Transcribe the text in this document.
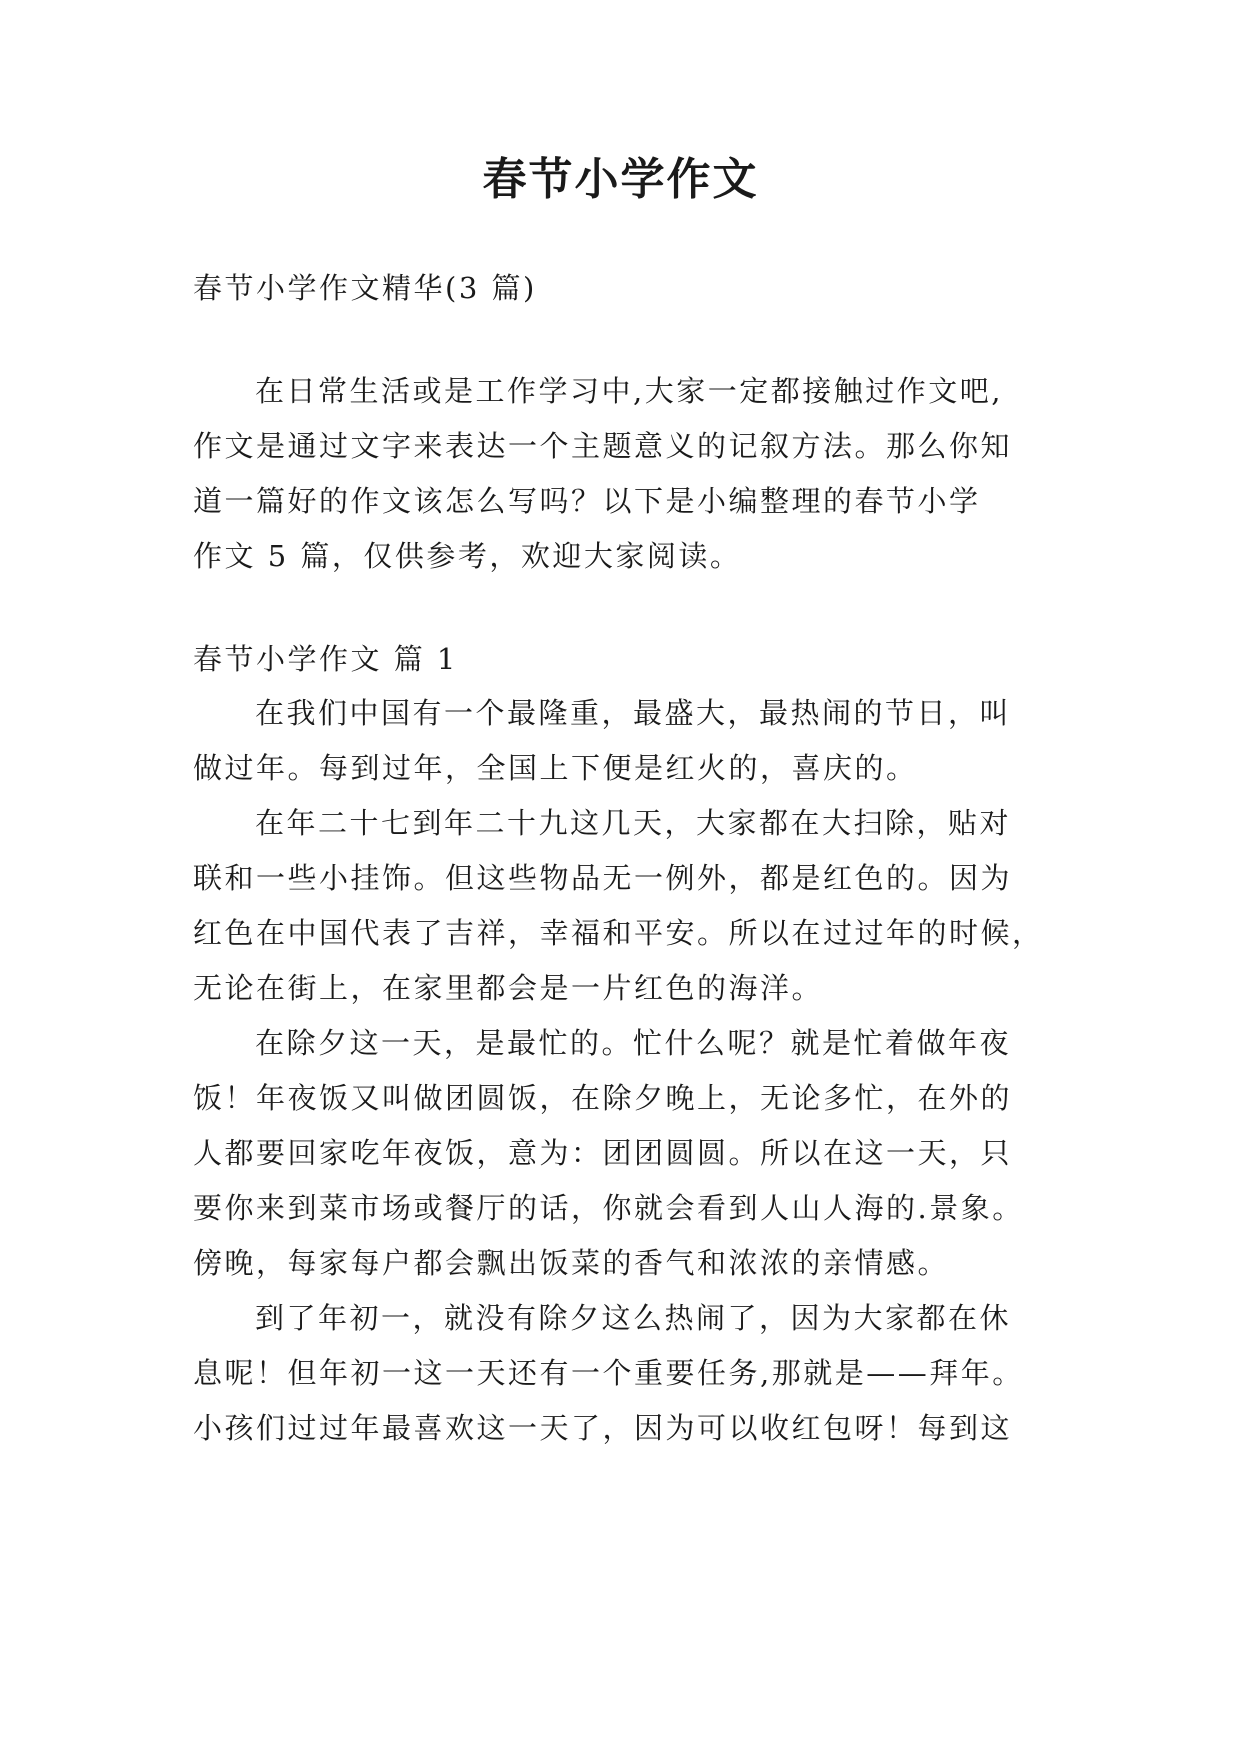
春节小学作文
春节小学作文精华(3 篇)
在日常生活或是工作学习中,大家一定都接触过作文吧,
作文是通过文字来表达一个主题意义的记叙方法。那么你知
道一篇好的作文该怎么写吗？以下是小编整理的春节小学
作文 5 篇，仅供参考，欢迎大家阅读。
春节小学作文 篇 1
在我们中国有一个最隆重，最盛大，最热闹的节日，叫
做过年。每到过年，全国上下便是红火的，喜庆的。
在年二十七到年二十九这几天，大家都在大扫除，贴对
联和一些小挂饰。但这些物品无一例外，都是红色的。因为
红色在中国代表了吉祥，幸福和平安。所以在过过年的时候，
无论在街上，在家里都会是一片红色的海洋。
在除夕这一天，是最忙的。忙什么呢？就是忙着做年夜
饭！年夜饭又叫做团圆饭，在除夕晚上，无论多忙，在外的
人都要回家吃年夜饭，意为：团团圆圆。所以在这一天，只
要你来到菜市场或餐厅的话，你就会看到人山人海的.景象。
傍晚，每家每户都会飘出饭菜的香气和浓浓的亲情感。
到了年初一，就没有除夕这么热闹了，因为大家都在休
息呢！但年初一这一天还有一个重要任务,那就是——拜年。
小孩们过过年最喜欢这一天了，因为可以收红包呀！每到这
